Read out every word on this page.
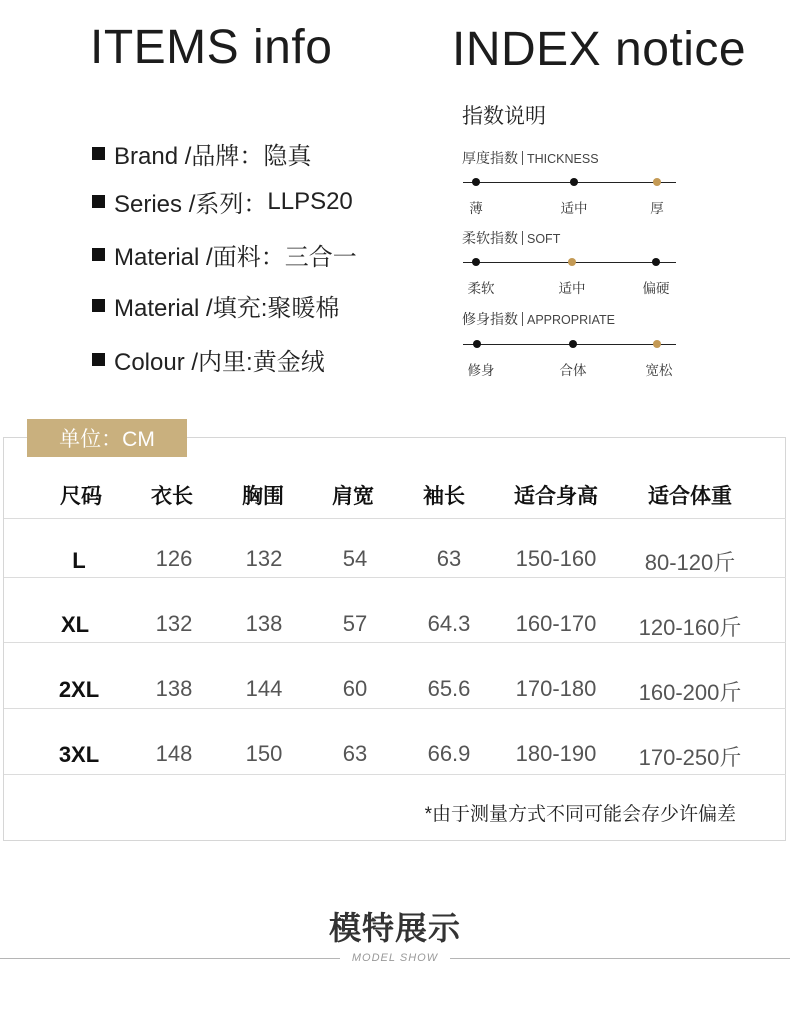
ITEMS info INDEX notice
Brand /品牌： 隐真
Series /系列： LLPS20
Material /面料： 三合一
Material /填充: 聚暖棉
Colour /内里: 黄金绒
指数说明
厚度指数 THICKNESS
薄	适中	厚
柔软指数 SOFT
柔软	适中	偏硬
修身指数 APPROPRIATE
修身	合体	宽松
单位：CM
尺码 衣长 胸围 肩宽 袖长 适合身高 适合体重
L	126 132	54	63 150-160 80-120斤
XL	132 138	57	64.3 160-170 120-160斤
2XL	138 144	60	65.6 170-180 160-200斤
3XL	148 150	63	66.9 180-190 170-250斤
*由于测量方式不同可能会存少许偏差
模特展示
MODEL SHOW
